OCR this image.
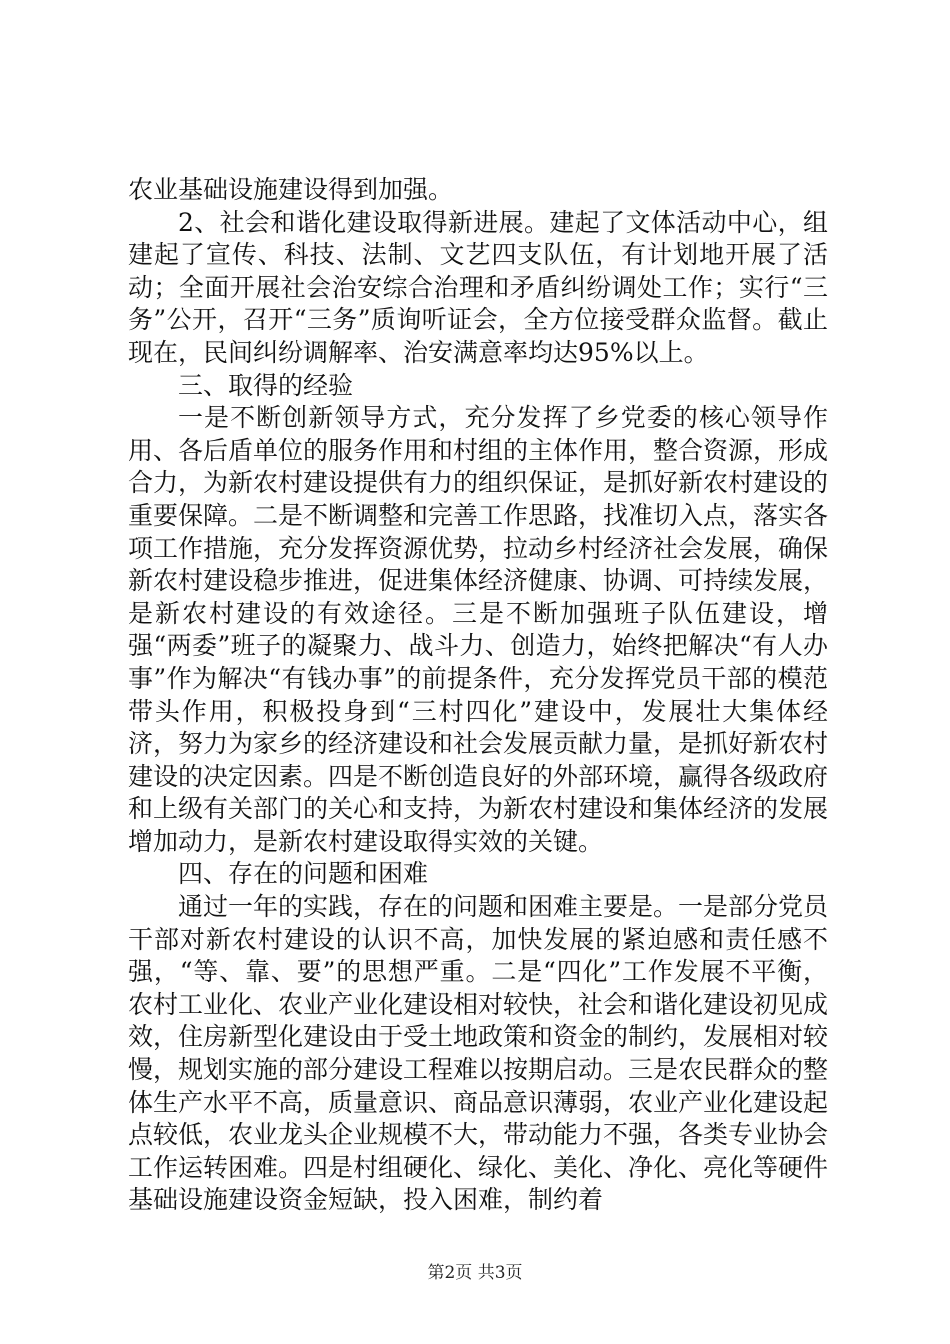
农业基础设施建设得到加强。

2、社会和谐化建设取得新进展。建起了文体活动中心，组建起了宣传、科技、法制、文艺四支队伍，有计划地开展了活动；全面开展社会治安综合治理和矛盾纠纷调处工作；实行“三务”公开，召开“三务”质询听证会，全方位接受群众监督。截止现在，民间纠纷调解率、治安满意率均达95%以上。

三、取得的经验

一是不断创新领导方式，充分发挥了乡党委的核心领导作用、各后盾单位的服务作用和村组的主体作用，整合资源，形成合力，为新农村建设提供有力的组织保证，是抓好新农村建设的重要保障。二是不断调整和完善工作思路，找准切入点，落实各项工作措施，充分发挥资源优势，拉动乡村经济社会发展，确保新农村建设稳步推进，促进集体经济健康、协调、可持续发展，是新农村建设的有效途径。三是不断加强班子队伍建设，增强“两委”班子的凝聚力、战斗力、创造力，始终把解决“有人办事”作为解决“有钱办事”的前提条件，充分发挥党员干部的模范带头作用，积极投身到“三村四化”建设中，发展壮大集体经济，努力为家乡的经济建设和社会发展贡献力量，是抓好新农村建设的决定因素。四是不断创造良好的外部环境，赢得各级政府和上级有关部门的关心和支持，为新农村建设和集体经济的发展增加动力，是新农村建设取得实效的关键。

四、存在的问题和困难

通过一年的实践，存在的问题和困难主要是。一是部分党员干部对新农村建设的认识不高，加快发展的紧迫感和责任感不强，“等、靠、要”的思想严重。二是“四化”工作发展不平衡，农村工业化、农业产业化建设相对较快，社会和谐化建设初见成效，住房新型化建设由于受土地政策和资金的制约，发展相对较慢，规划实施的部分建设工程难以按期启动。三是农民群众的整体生产水平不高，质量意识、商品意识薄弱，农业产业化建设起点较低，农业龙头企业规模不大，带动能力不强，各类专业协会工作运转困难。四是村组硬化、绿化、美化、净化、亮化等硬件基础设施建设资金短缺，投入困难，制约着

第2页 共3页
